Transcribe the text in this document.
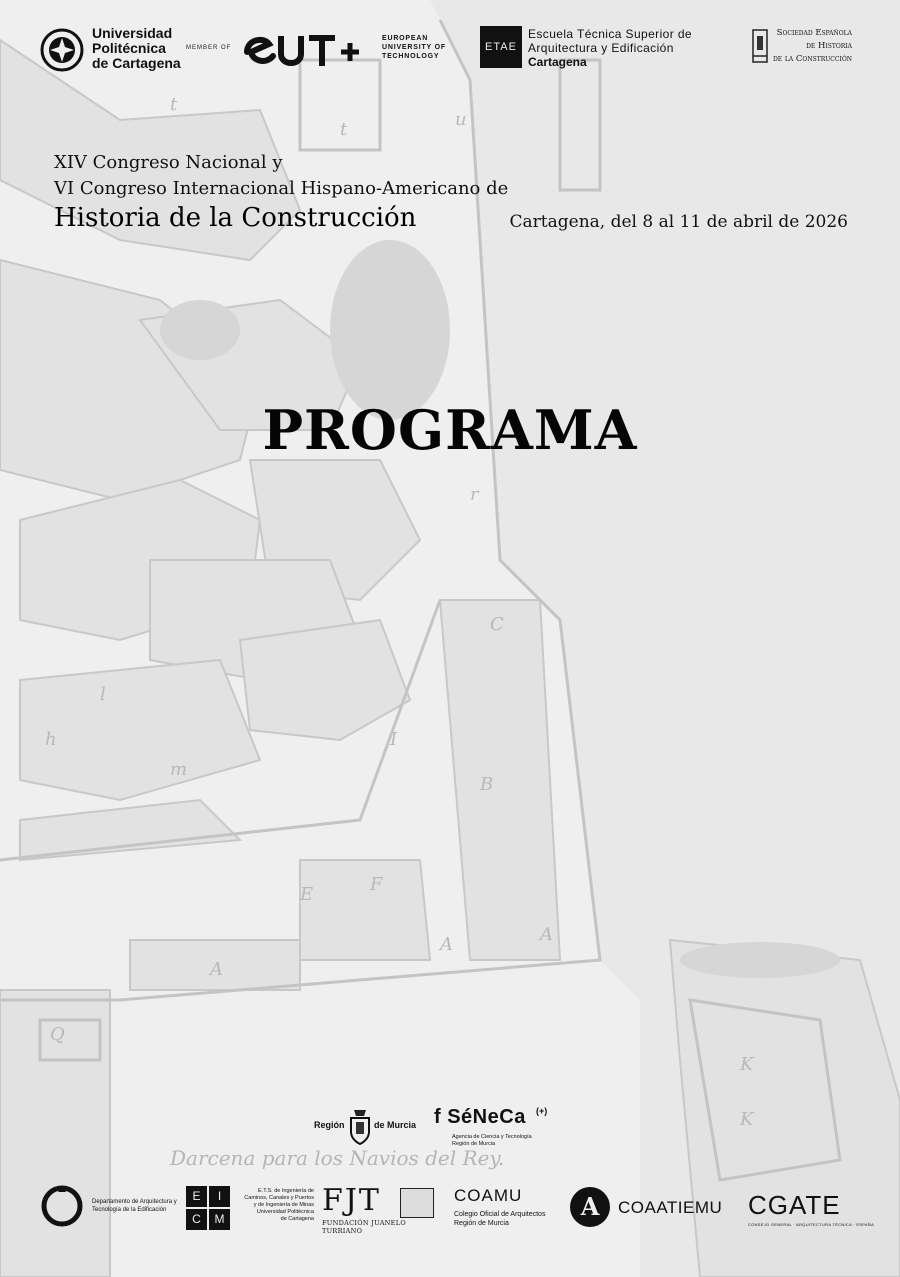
t
t	u
r
C
B
E	F
A
A	A
Q
K
K
l
h
m
I
Darcena para los Navios del Rey.
Universidad
Politécnica
de Cartagena
MEMBER OF
EUROPEAN
UNIVERSITY OF
TECHNOLOGY
ETAE
Escuela Técnica Superior de
Arquitectura y Edificación
Cartagena
Sociedad Española
de Historia
de la Construcción
XIV Congreso Nacional y
VI Congreso Internacional Hispano-Americano de
Historia de la Construcción	Cartagena, del 8 al 11 de abril de 2026
PROGRAMA
Región	de Murcia f SéNeCa (+)
Agencia de Ciencia y Tecnología
Región de Murcia
Departamento de Arquitectura y
Tecnología de la Edificación
E	I
C	M
E.T.S. de Ingeniería de
Caminos, Canales y Puertos
y de Ingeniería de Minas
Universidad Politécnica
de Cartagena
FJT
FUNDACIÓN JUANELO TURRIANO
COAMU
Colegio Oficial de Arquitectos
Región de Murcia
A	COAATIEMU CGATE
CONSEJO GENERAL · ARQUITECTURA TÉCNICA · ESPAÑA
